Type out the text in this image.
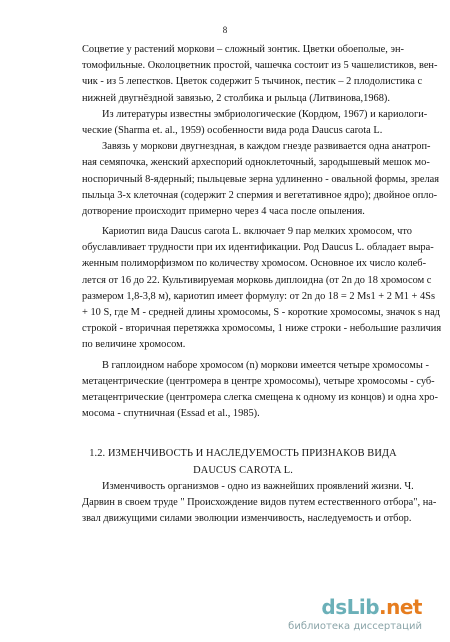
8
Соцветие у растений моркови – сложный зонтик. Цветки обоеполые, эн-
томофильные. Околоцветник простой, чашечка состоит из 5 чашелистиков, вен-
чик - из 5 лепестков. Цветок содержит 5 тычинок, пестик – 2 плодолистика с
нижней двугнёздной завязью, 2 столбика и рыльца (Литвинова,1968).
Из литературы известны эмбриологические (Кордюм, 1967) и кариологи-
ческие (Sharma et. al., 1959) особенности вида рода Daucus carota L.
Завязь у моркови двугнездная, в каждом гнезде развивается одна анатроп-
ная семяпочка, женский археспорий одноклеточный, зародышевый мешок мо-
носпоричный 8-ядерный; пыльцевые зерна удлиненно - овальной формы, зрелая
пыльца 3-х клеточная (содержит 2 спермия и вегетативное ядро); двойное опло-
дотворение происходит примерно через 4 часа после опыления.
Кариотип вида Daucus carota L. включает 9 пар мелких хромосом, что
обуславливает трудности при их идентификации. Род Daucus L. обладает выра-
женным полиморфизмом по количеству хромосом. Основное их число колеб-
лется от 16 до 22. Культивируемая морковь диплоидна (от 2n до 18 хромосом с
размером 1,8-3,8 м), кариотип имеет формулу: от 2n до 18 = 2 Ms1 + 2 M1 + 4Ss
+ 10 S, где М - средней длины хромосомы, S - короткие хромосомы, значок s над
строкой - вторичная перетяжка хромосомы, 1 ниже строки - небольшие различия
по величине хромосом.
В гаплоидном наборе хромосом (n) моркови имеется четыре хромосомы -
метацентрические (центромера в центре хромосомы), четыре хромосомы - суб-
метацентрические (центромера слегка смещена к одному из концов) и одна хро-
мосома - спутничная (Essad et al., 1985).
1.2. ИЗМЕНЧИВОСТЬ И НАСЛЕДУЕМОСТЬ ПРИЗНАКОВ ВИДА
DAUCUS CAROTA L.
Изменчивость организмов - одно из важнейших проявлений жизни. Ч.
Дарвин в своем труде " Происхождение видов путем естественного отбора", на-
звал движущими силами эволюции изменчивость, наследуемость и отбор.
dsLib.net
библиотека диссертаций
